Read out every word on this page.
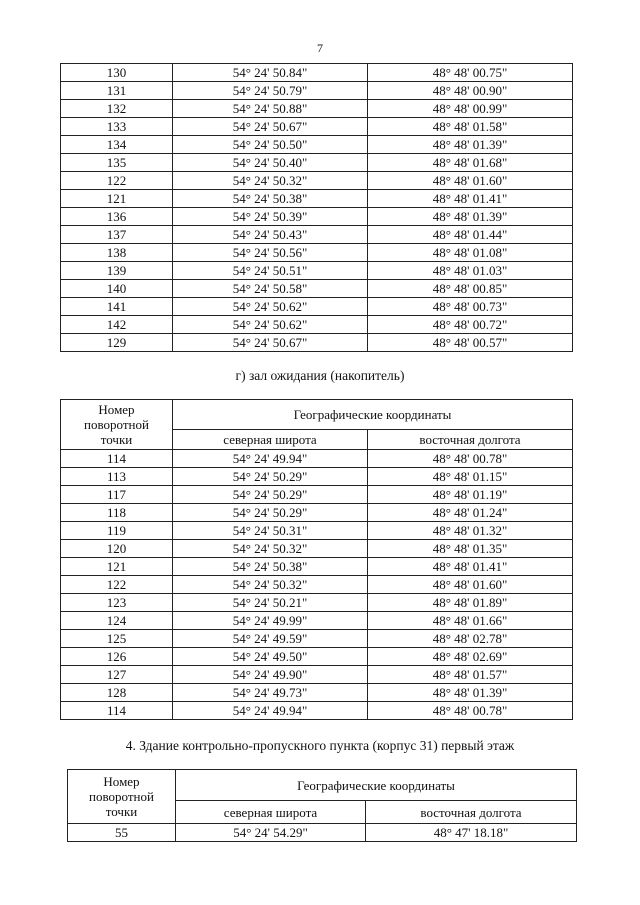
7
130	54° 24' 50.84"	48° 48' 00.75"
131	54° 24' 50.79"	48° 48' 00.90"
132	54° 24' 50.88"	48° 48' 00.99"
133	54° 24' 50.67"	48° 48' 01.58"
134	54° 24' 50.50"	48° 48' 01.39"
135	54° 24' 50.40"	48° 48' 01.68"
122	54° 24' 50.32"	48° 48' 01.60"
121	54° 24' 50.38"	48° 48' 01.41"
136	54° 24' 50.39"	48° 48' 01.39"
137	54° 24' 50.43"	48° 48' 01.44"
138	54° 24' 50.56"	48° 48' 01.08"
139	54° 24' 50.51"	48° 48' 01.03"
140	54° 24' 50.58"	48° 48' 00.85"
141	54° 24' 50.62"	48° 48' 00.73"
142	54° 24' 50.62"	48° 48' 00.72"
129	54° 24' 50.67"	48° 48' 00.57"
г) зал ожидания (накопитель)
Номер поворотной точки	Географические координаты	
	северная широта	восточная долгота
114	54° 24' 49.94"	48° 48' 00.78"
113	54° 24' 50.29"	48° 48' 01.15"
117	54° 24' 50.29"	48° 48' 01.19"
118	54° 24' 50.29"	48° 48' 01.24"
119	54° 24' 50.31"	48° 48' 01.32"
120	54° 24' 50.32"	48° 48' 01.35"
121	54° 24' 50.38"	48° 48' 01.41"
122	54° 24' 50.32"	48° 48' 01.60"
123	54° 24' 50.21"	48° 48' 01.89"
124	54° 24' 49.99"	48° 48' 01.66"
125	54° 24' 49.59"	48° 48' 02.78"
126	54° 24' 49.50"	48° 48' 02.69"
127	54° 24' 49.90"	48° 48' 01.57"
128	54° 24' 49.73"	48° 48' 01.39"
114	54° 24' 49.94"	48° 48' 00.78"
4. Здание контрольно-пропускного пункта (корпус 31) первый этаж
Номер поворотной точки	Географические координаты	
	северная широта	восточная долгота
55	54° 24' 54.29"	48° 47' 18.18"
